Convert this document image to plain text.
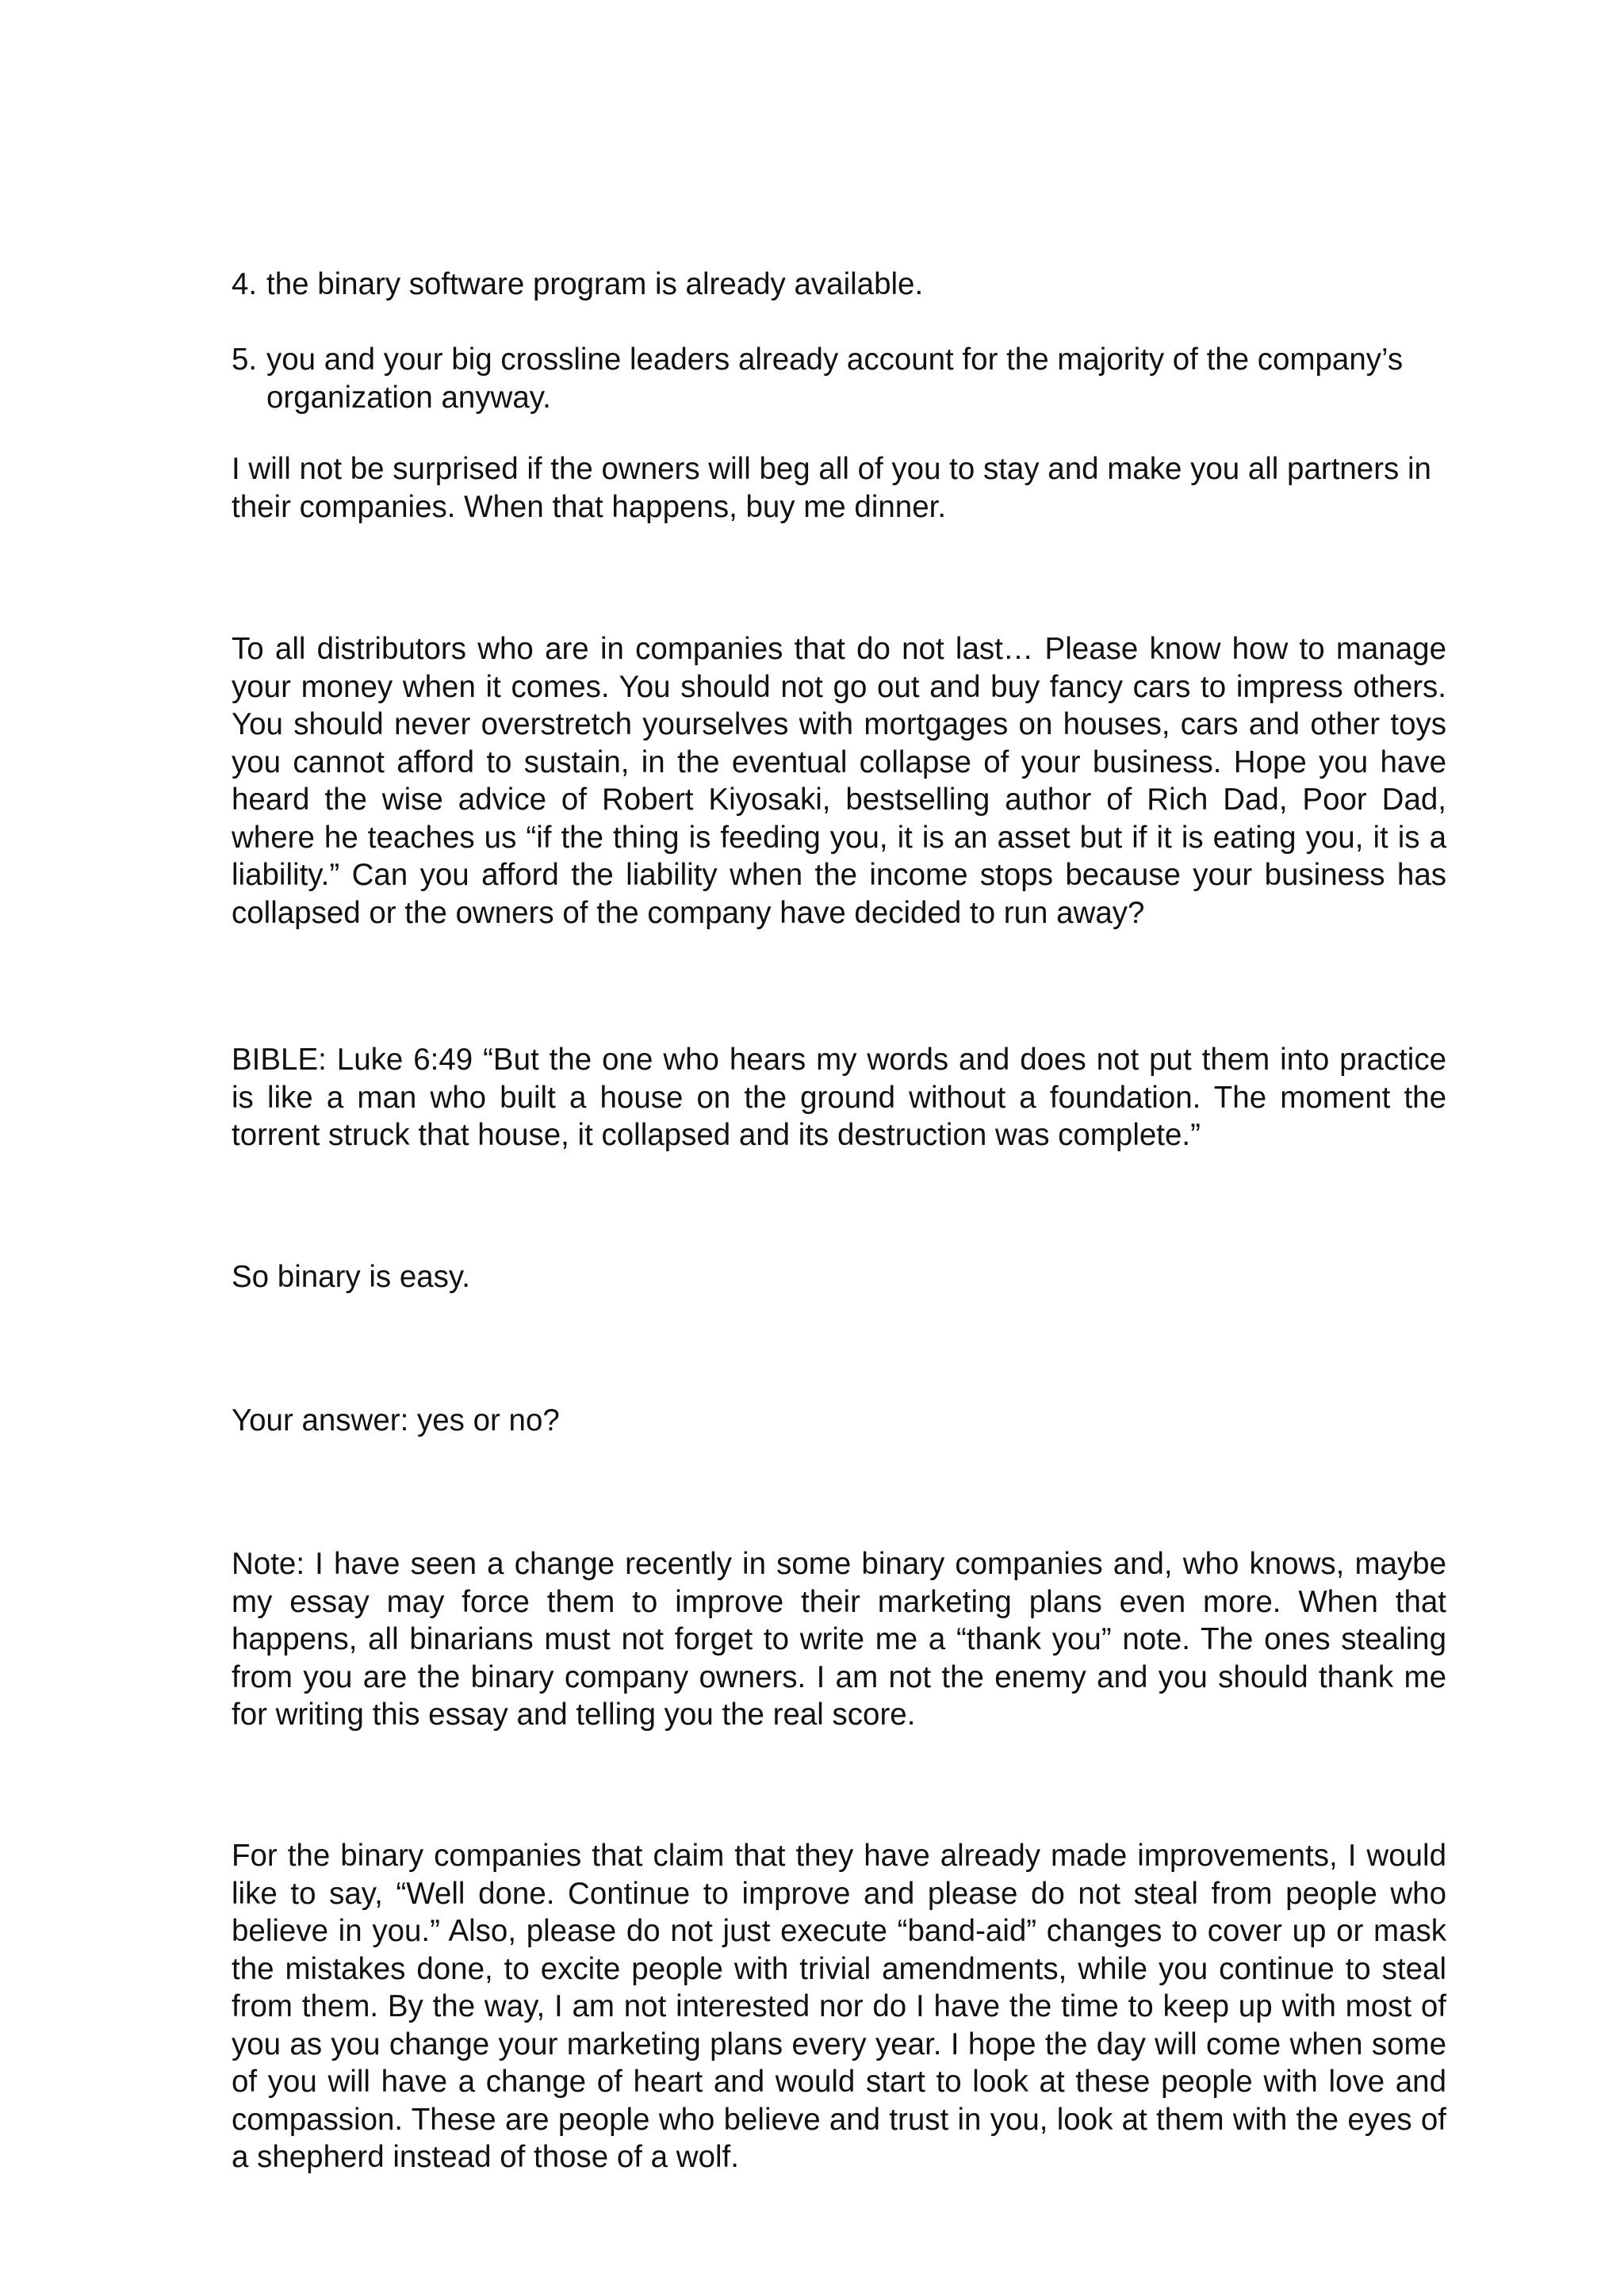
4. the binary software program is already available.
5. you and your big crossline leaders already account for the majority of the company’s organization anyway.

I will not be surprised if the owners will beg all of you to stay and make you all partners in their companies. When that happens, buy me dinner.

To all distributors who are in companies that do not last… Please know how to manage your money when it comes. You should not go out and buy fancy cars to impress others. You should never overstretch yourselves with mortgages on houses, cars and other toys you cannot afford to sustain, in the eventual collapse of your business. Hope you have heard the wise advice of Robert Kiyosaki, bestselling author of Rich Dad, Poor Dad, where he teaches us “if the thing is feeding you, it is an asset but if it is eating you, it is a liability.” Can you afford the liability when the income stops because your business has collapsed or the owners of the company have decided to run away?

BIBLE: Luke 6:49 “But the one who hears my words and does not put them into practice is like a man who built a house on the ground without a foundation. The moment the torrent struck that house, it collapsed and its destruction was complete.”

So binary is easy.

Your answer: yes or no?

Note: I have seen a change recently in some binary companies and, who knows, maybe my essay may force them to improve their marketing plans even more. When that happens, all binarians must not forget to write me a “thank you” note. The ones stealing from you are the binary company owners. I am not the enemy and you should thank me for writing this essay and telling you the real score.

For the binary companies that claim that they have already made improvements, I would like to say, “Well done. Continue to improve and please do not steal from people who believe in you.” Also, please do not just execute “band-aid” changes to cover up or mask the mistakes done, to excite people with trivial amendments, while you continue to steal from them. By the way, I am not interested nor do I have the time to keep up with most of you as you change your marketing plans every year. I hope the day will come when some of you will have a change of heart and would start to look at these people with love and compassion. These are people who believe and trust in you, look at them with the eyes of a shepherd instead of those of a wolf.
